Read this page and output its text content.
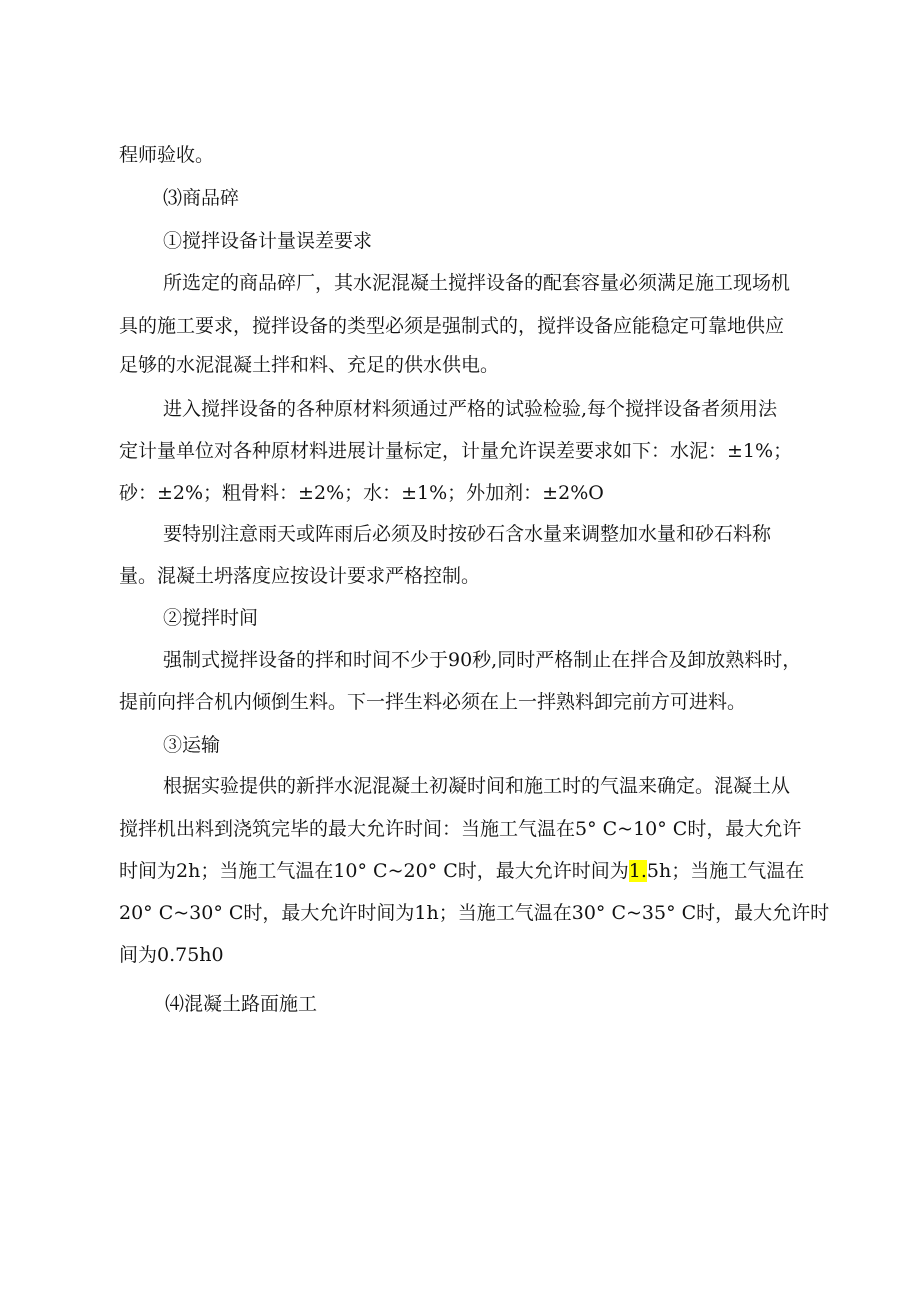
程师验收。
⑶商品碎
①搅拌设备计量误差要求
所选定的商品碎厂，其水泥混凝土搅拌设备的配套容量必须满足施工现场机
具的施工要求，搅拌设备的类型必须是强制式的，搅拌设备应能稳定可靠地供应
足够的水泥混凝土拌和料、充足的供水供电。
进入搅拌设备的各种原材料须通过严格的试验检验,每个搅拌设备者须用法
定计量单位对各种原材料进展计量标定，计量允许误差要求如下：水泥：±1%；
砂：±2%；粗骨料：±2%；水：±1%；外加剂：±2%O
要特别注意雨天或阵雨后必须及时按砂石含水量来调整加水量和砂石料称
量。混凝土坍落度应按设计要求严格控制。
②搅拌时间
强制式搅拌设备的拌和时间不少于90秒,同时严格制止在拌合及卸放熟料时，
提前向拌合机内倾倒生料。下一拌生料必须在上一拌熟料卸完前方可进料。
③运输
根据实验提供的新拌水泥混凝土初凝时间和施工时的气温来确定。混凝土从
搅拌机出料到浇筑完毕的最大允许时间：当施工气温在5° C~10° C时，最大允许
时间为2h；当施工气温在10° C~20° C时，最大允许时间为1.5h；当施工气温在
20° C~30° C时，最大允许时间为1h；当施工气温在30° C~35° C时，最大允许时
间为0.75h0
⑷混凝土路面施工
